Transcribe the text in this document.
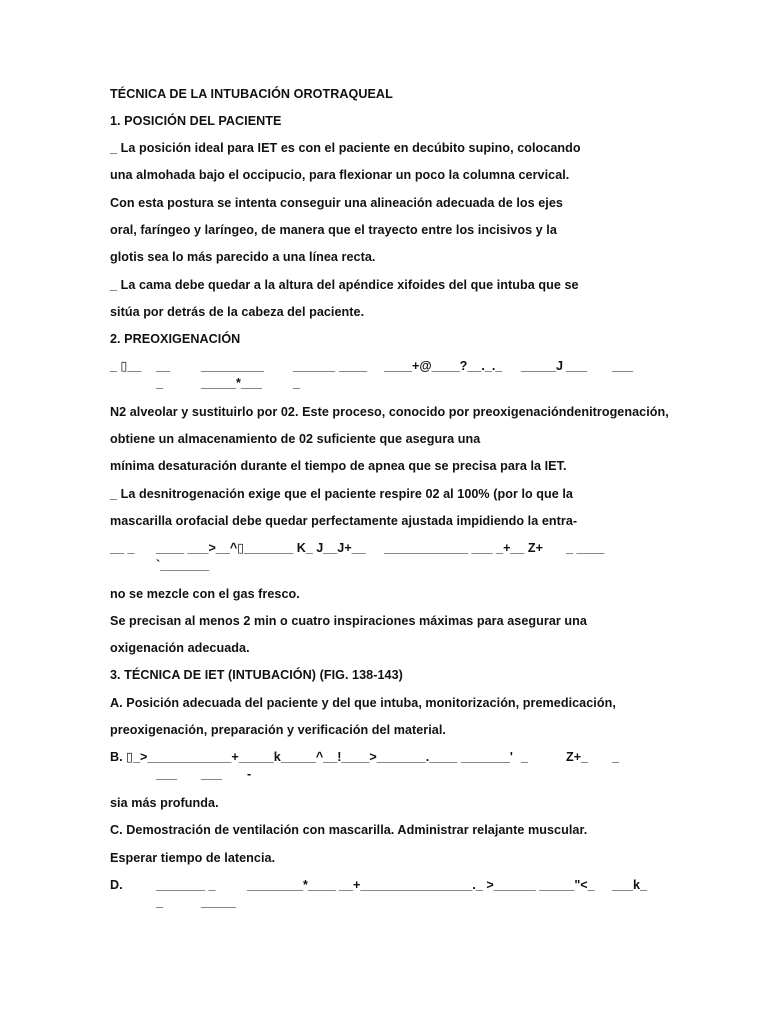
TÉCNICA DE LA INTUBACIÓN OROTRAQUEAL

1. POSICIÓN DEL PACIENTE

_ La posición ideal para IET es con el paciente en decúbito supino, colocando

una almohada bajo el occipucio, para flexionar un poco la columna cervical.

Con esta postura se intenta conseguir una alineación adecuada de los ejes

oral, faríngeo y laríngeo, de manera que el trayecto entre los incisivos y la

glotis sea lo más parecido a una línea recta.

_ La cama debe quedar a la altura del apéndice xifoides del que intuba que se

sitúa por detrás de la cabeza del paciente.

2. PREOXIGENACIÓN

_ ▯__ __ _________ ______ ____ ____+@____?__._._ _____J ___ ___

_	_____*___ _

N2 alveolar y sustituirlo por 02. Este proceso, conocido por preoxigenacióndenitrogenación,

obtiene un almacenamiento de 02 suficiente que asegura una

mínima desaturación durante el tiempo de apnea que se precisa para la IET.

_ La desnitrogenación exige que el paciente respire 02 al 100% (por lo que la

mascarilla orofacial debe quedar perfectamente ajustada impidiendo la entra-

__ _ ____ ___>__^▯_______ K_ J__J+__ ____________ ___ _+__ Z+ _ ____

`_______

no se mezcle con el gas fresco.

Se precisan al menos 2 min o cuatro inspiraciones máximas para asegurar una

oxigenación adecuada.

3. TÉCNICA DE IET (INTUBACIÓN) (FIG. 138-143)

A. Posición adecuada del paciente y del que intuba, monitorización, premedicación,

preoxigenación, preparación y verificación del material.

B. ▯_>____________+_____k_____^__!____>_______.____ _______' _	Z+_ _

___ ___ -

sia más profunda.

C. Demostración de ventilación con mascarilla. Administrar relajante muscular.

Esperar tiempo de latencia.

D.	_______ _ ________*____ __+________________._ >______ _____"<_ ___k_

_	_____
